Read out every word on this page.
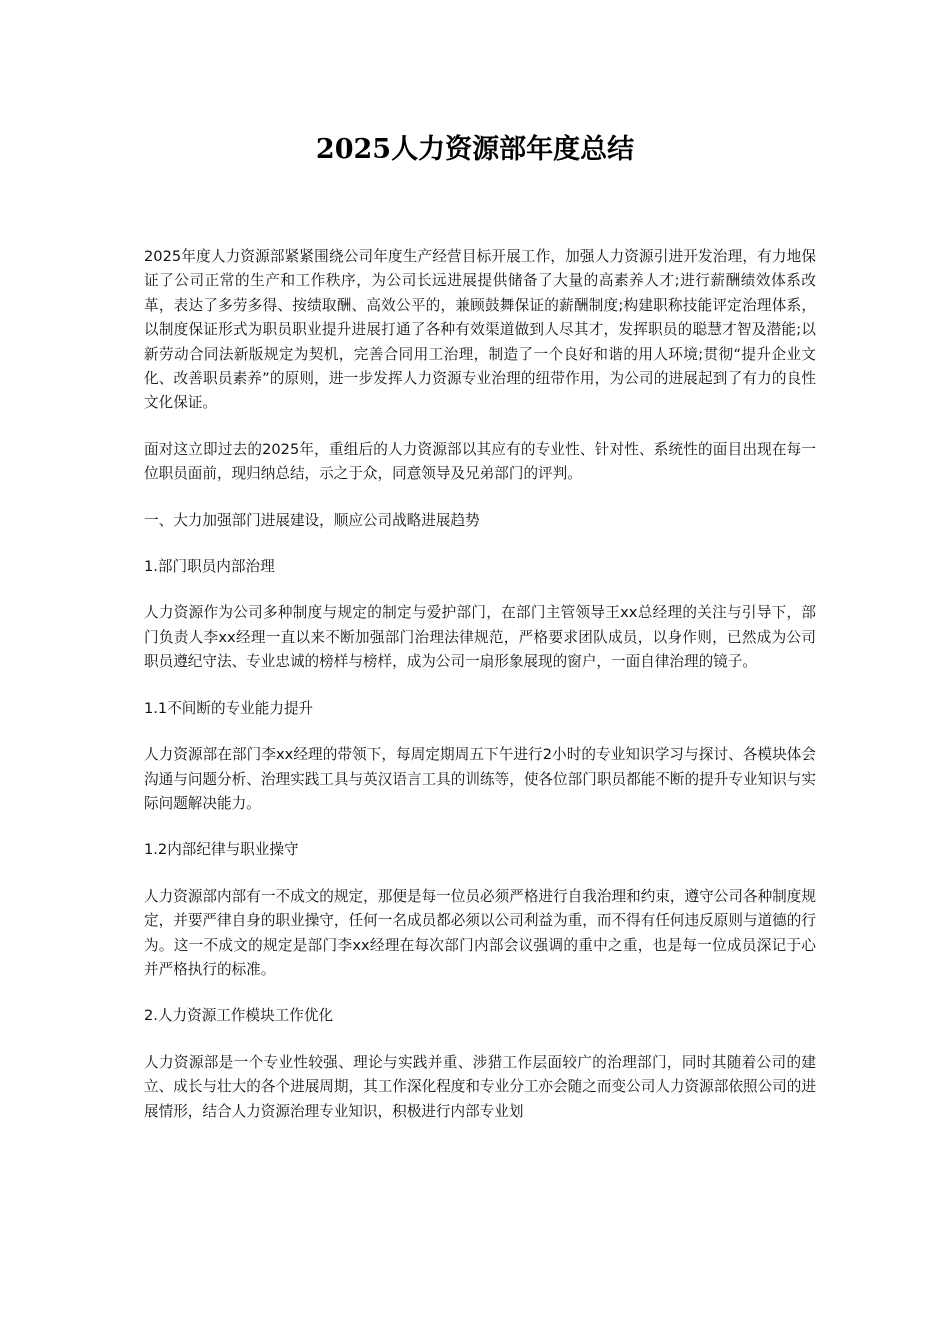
2025人力资源部年度总结

2025年度人力资源部紧紧围绕公司年度生产经营目标开展工作，加强人力资源引进开发治理，有力地保证了公司正常的生产和工作秩序，为公司长远进展提供储备了大量的高素养人才;进行薪酬绩效体系改革，表达了多劳多得、按绩取酬、高效公平的，兼顾鼓舞保证的薪酬制度;构建职称技能评定治理体系，以制度保证形式为职员职业提升进展打通了各种有效渠道做到人尽其才，发挥职员的聪慧才智及潜能;以新劳动合同法新版规定为契机，完善合同用工治理，制造了一个良好和谐的用人环境;贯彻“提升企业文化、改善职员素养”的原则，进一步发挥人力资源专业治理的纽带作用，为公司的进展起到了有力的良性文化保证。

面对这立即过去的2025年，重组后的人力资源部以其应有的专业性、针对性、系统性的面目出现在每一位职员面前，现归纳总结，示之于众，同意领导及兄弟部门的评判。

一、大力加强部门进展建设，顺应公司战略进展趋势

1.部门职员内部治理

人力资源作为公司多种制度与规定的制定与爱护部门，在部门主管领导王xx总经理的关注与引导下，部门负责人李xx经理一直以来不断加强部门治理法律规范，严格要求团队成员，以身作则，已然成为公司职员遵纪守法、专业忠诚的榜样与榜样，成为公司一扇形象展现的窗户，一面自律治理的镜子。

1.1不间断的专业能力提升

人力资源部在部门李xx经理的带领下，每周定期周五下午进行2小时的专业知识学习与探讨、各模块体会沟通与问题分析、治理实践工具与英汉语言工具的训练等，使各位部门职员都能不断的提升专业知识与实际问题解决能力。

1.2内部纪律与职业操守

人力资源部内部有一不成文的规定，那便是每一位员必须严格进行自我治理和约束，遵守公司各种制度规定，并要严律自身的职业操守，任何一名成员都必须以公司利益为重，而不得有任何违反原则与道德的行为。这一不成文的规定是部门李xx经理在每次部门内部会议强调的重中之重，也是每一位成员深记于心并严格执行的标准。

2.人力资源工作模块工作优化

人力资源部是一个专业性较强、理论与实践并重、涉猎工作层面较广的治理部门，同时其随着公司的建立、成长与壮大的各个进展周期，其工作深化程度和专业分工亦会随之而变公司人力资源部依照公司的进展情形，结合人力资源治理专业知识，积极进行内部专业划
